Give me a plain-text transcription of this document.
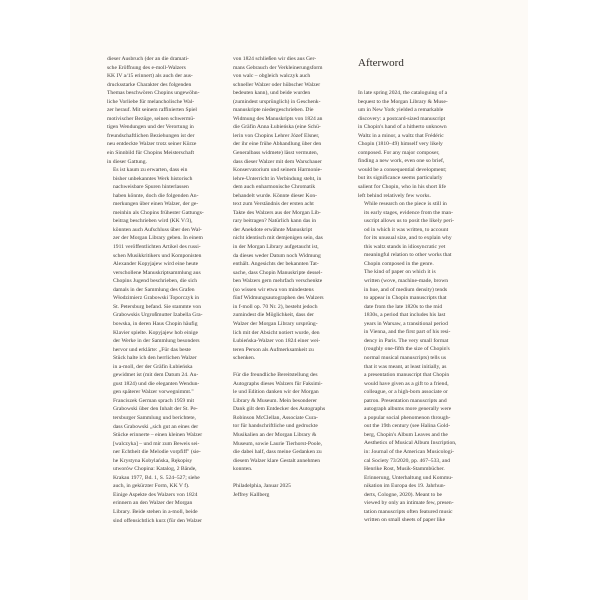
dieser Ausbruch (der an die dramati-
sche Eröffnung des e-moll-Walzers
KK IV a/15 erinnert) als auch der aus-
drucksstarke Charakter des folgenden
Themas beschwören Chopins ungewöhn-
liche Vorliebe für melancholische Wal-
zer herauf. Mit seinem raffinierten Spiel
motivischer Bezüge, seinen schwermü-
tigen Wendungen und der Verortung in
freundschaftlichen Beziehungen ist der
neu entdeckte Walzer trotz seiner Kürze
ein Sinnbild für Chopins Meisterschaft
in dieser Gattung.

Es ist kaum zu erwarten, dass ein
bisher unbekanntes Werk historisch
nachweisbare Spuren hinterlassen
haben könnte, doch die folgenden An-
merkungen über einen Walzer, der ge-
meinhin als Chopins frühester Gattungs-
beitrag beschrieben wird (KK V/3),
könnten auch Aufschluss über den Wal-
zer der Morgan Library geben. In einem
1911 veröffentlichten Artikel des russi-
schen Musikkritikers und Komponisten
Alexander Kopyjajew wird eine heute
verschollene Manuskriptsammlung aus
Chopins Jugend beschrieben, die sich
damals in der Sammlung des Grafen
Włodzimierz Grabowski Toporczyk in
St. Petersburg befand. Sie stammte von
Grabowskis Urgroßmutter Izabella Gra-
bowska, in deren Haus Chopin häufig
Klavier spielte. Kopyjajew hob einige
der Werke in der Sammlung besonders
hervor und erklärte: „Für das beste
Stück halte ich den herrlichen Walzer
in a-moll, der der Gräfin Łubieńska
gewidmet ist (mit dem Datum 24. Au-
gust 1824) und die eleganten Wendun-
gen späterer Walzer vorwegnimmt."
Franciszek German sprach 1959 mit
Grabowski über den Inhalt der St. Pe-
tersburger Sammlung und berichtete,
dass Grabowski „sich gut an eines der
Stücke erinnerte – einen kleinen Walzer
[walczyka] – und mir zum Beweis sei-
ner Echtheit die Melodie vorpfiff" (sie-
he Krystyna Kobylańska, Rękopisy
utworów Chopina: Katalog, 2 Bände,
Krakau 1977, Bd. 1, S. 524–527; siehe
auch, in gekürzter Form, KK V f).

Einige Aspekte des Walzers von 1824
erinnern an den Walzer der Morgan
Library. Beide stehen in a-moll, beide
sind offensichtlich kurz (für den Walzer

von 1824 schließen wir dies aus Ger-
mans Gebrauch der Verkleinerungsform
von walc – obgleich walczyk auch
schneller Walzer oder hübscher Walzer
bedeuten kann), und beide wurden
(zumindest ursprünglich) in Geschenk-
manuskripte niedergeschrieben. Die
Widmung des Manuskripts von 1824 an
die Gräfin Anna Łubieńska (eine Schü-
lerin von Chopins Lehrer Józef Elsner,
der ihr eine frühe Abhandlung über den
Generalbass widmete) lässt vermuten,
dass dieser Walzer mit dem Warschauer
Konservatorium und seinem Harmonie-
lehre-Unterricht in Verbindung steht, in
dem auch enharmonische Chromatik
behandelt wurde. Könnte dieser Kon-
text zum Verständnis der ersten acht
Takte des Walzers aus der Morgan Lib-
rary beitragen? Natürlich kann das in
der Anekdote erwähnte Manuskript
nicht identisch mit demjenigen sein, das
in der Morgan Library aufgetaucht ist,
da dieses weder Datum noch Widmung
enthält. Angesichts der bekannten Tat-
sache, dass Chopin Manuskripte dessel-
ben Walzers gern mehrfach verschenkte
(so wissen wir etwa von mindestens
fünf Widmungsautographen des Walzers
in f-moll op. 70 Nr. 2), besteht jedoch
zumindest die Möglichkeit, dass der
Walzer der Morgan Library ursprüng-
lich mit der Absicht notiert wurde, den
Łubieńska-Walzer von 1824 einer wei-
teren Person als Aufmerksamkeit zu
schenken.

Für die freundliche Bereitstellung des
Autographs dieses Walzers für Faksimi-
le und Edition danken wir der Morgan
Library & Museum. Mein besonderer
Dank gilt dem Entdecker des Autographs
Robinson McClellan, Associate Cura-
tor für handschriftliche und gedruckte
Musikalien an der Morgan Library &
Museum, sowie Laurie Tierhorst-Poole,
die dabei half, dass meine Gedanken zu
diesem Walzer klare Gestalt annehmen
konnten.

Philadelphia, Januar 2025
Jeffrey Kallberg

Afterword

In late spring 2024, the cataloguing of a
bequest to the Morgan Library & Muse-
um in New York yielded a remarkable
discovery: a postcard-sized manuscript
in Chopin's hand of a hitherto unknown
Waltz in a minor, a waltz that Frédéric
Chopin (1810–49) himself very likely
composed. For any major composer,
finding a new work, even one so brief,
would be a consequential development;
but its significance seems particularly
salient for Chopin, who in his short life
left behind relatively few works.

While research on the piece is still in
its early stages, evidence from the man-
uscript allows us to posit the likely peri-
od in which it was written, to account
for its unusual size, and to explain why
this waltz stands in idiosyncratic yet
meaningful relation to other works that
Chopin composed in the genre.

The kind of paper on which it is
written (wove, machine-made, brown
in hue, and of medium density) tends
to appear in Chopin manuscripts that
date from the late 1820s to the mid
1830s, a period that includes his last
years in Warsaw, a transitional period
in Vienna, and the first part of his resi-
dency in Paris. The very small format
(roughly one-fifth the size of Chopin's
normal musical manuscripts) tells us
that it was meant, at least initially, as
a presentation manuscript that Chopin
would have given as a gift to a friend,
colleague, or a high-born associate or
patron. Presentation manuscripts and
autograph albums more generally were
a popular social phenomenon through-
out the 19th century (see Halina Gold-
berg, Chopin's Album Leaves and the
Aesthetics of Musical Album Inscription,
in: Journal of the American Musicologi-
cal Society 73/2020, pp. 467–533, and
Henrike Rost, Musik-Stammbücher.
Erinnerung, Unterhaltung und Kommu-
nikation im Europa des 19. Jahrhun-
derts, Cologne, 2020). Meant to be
viewed by only an intimate few, presen-
tation manuscripts often featured music
written on small sheets of paper like
